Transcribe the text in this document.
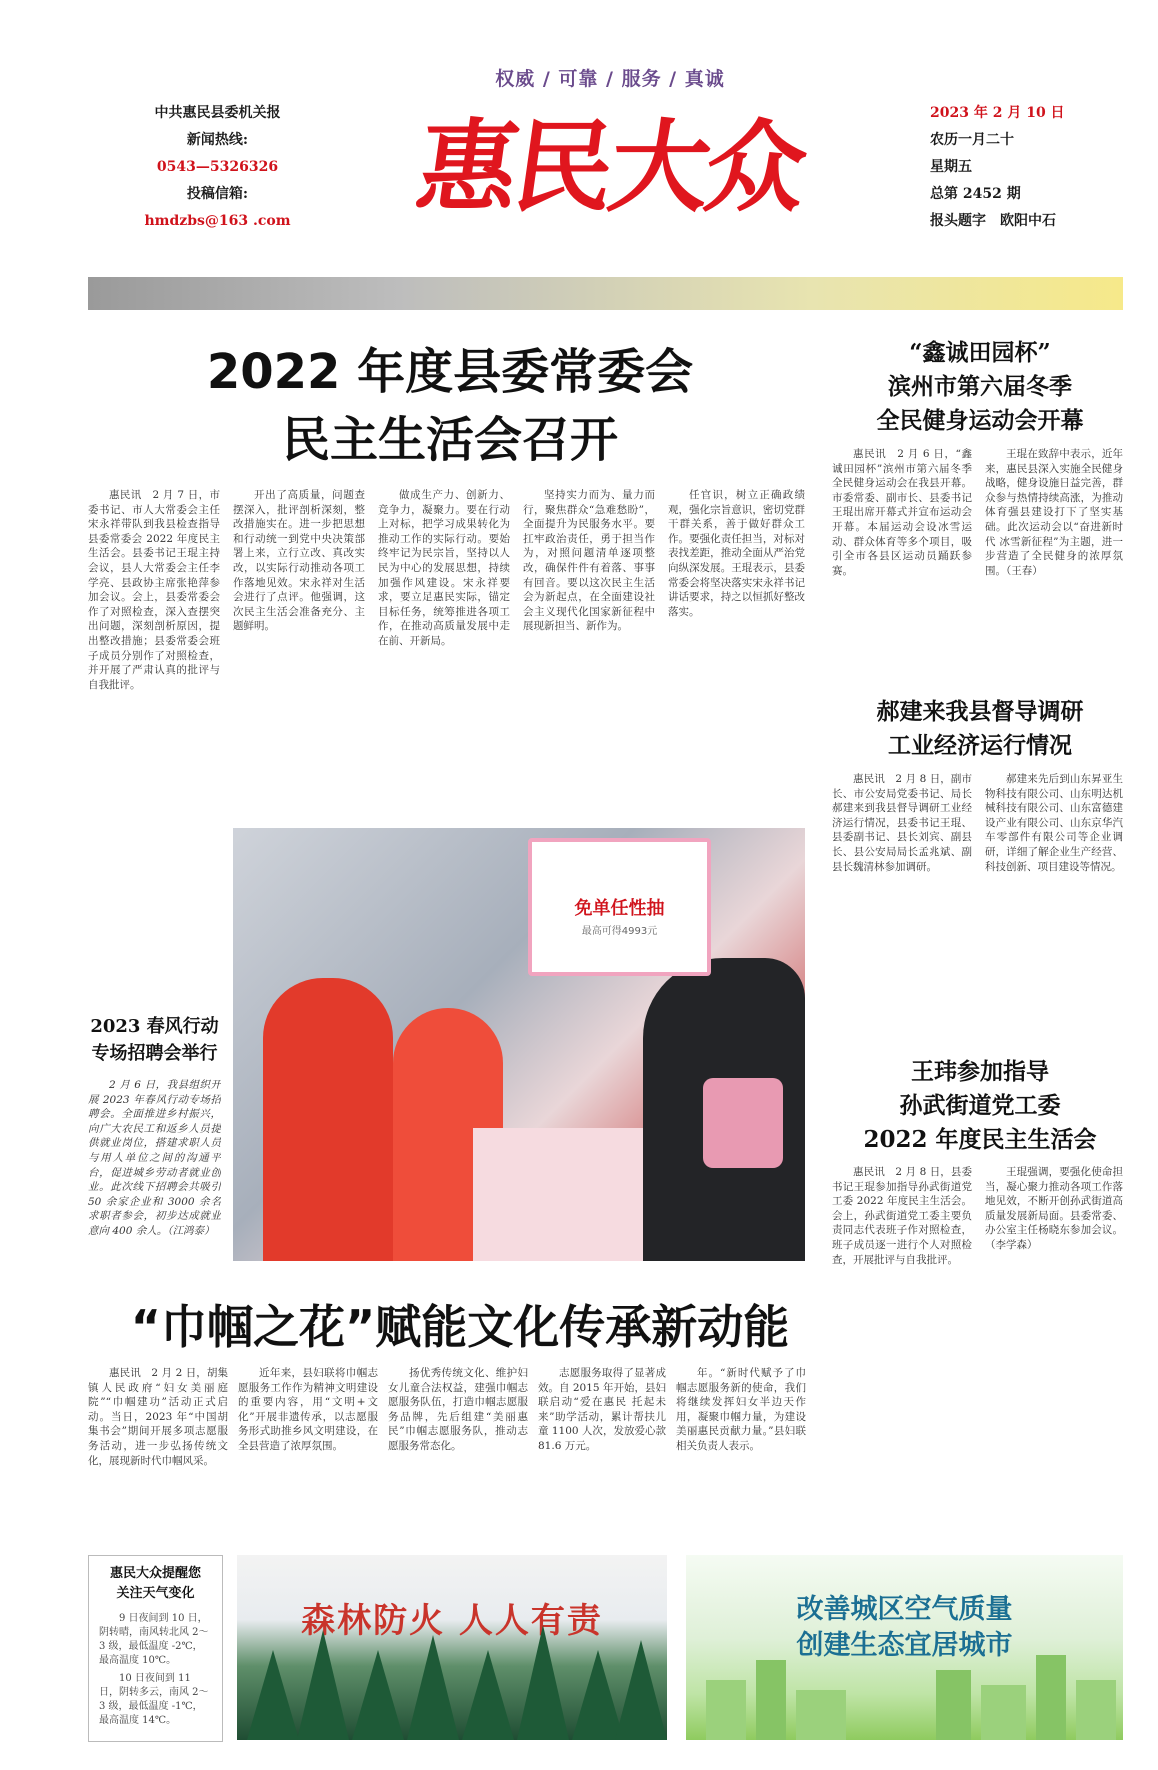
权威 / 可靠 / 服务 / 真诚
中共惠民县委机关报
新闻热线:
0543—5326326
投稿信箱:
hmdzbs@163 .com 惠民大众	2023 年 2 月 10 日
农历一月二十
星期五
总第 2452 期
报头题字　欧阳中石
2022 年度县委常委会
民主生活会召开
惠民讯　2 月 7 日，市委书记、市人大常委会主任宋永祥带队到我县检查指导县委常委会 2022 年度民主生活会。县委书记王琨主持会议，县人大常委会主任李学亮、县政协主席张艳萍参加会议。会上，县委常委会作了对照检查，深入查摆突出问题，深刻剖析原因，提出整改措施；县委常委会班子成员分别作了对照检查，并开展了严肃认真的批评与自我批评。
开出了高质量，问题查摆深入，批评剖析深刻，整改措施实在。进一步把思想和行动统一到党中央决策部署上来，立行立改、真改实改，以实际行动推动各项工作落地见效。宋永祥对生活会进行了点评。他强调，这次民主生活会准备充分、主题鲜明。
做成生产力、创新力、竞争力，凝聚力。要在行动上对标，把学习成果转化为推动工作的实际行动。要始终牢记为民宗旨，坚持以人民为中心的发展思想，持续加强作风建设。宋永祥要求，要立足惠民实际，锚定目标任务，统筹推进各项工作，在推动高质量发展中走在前、开新局。
坚持实力而为、量力而行，聚焦群众“急难愁盼”，全面提升为民服务水平。要扛牢政治责任，勇于担当作为，对照问题清单逐项整改，确保件件有着落、事事有回音。要以这次民主生活会为新起点，在全面建设社会主义现代化国家新征程中展现新担当、新作为。
任官识，树立正确政绩观，强化宗旨意识，密切党群干群关系，善于做好群众工作。要强化责任担当，对标对表找差距，推动全面从严治党向纵深发展。王琨表示，县委常委会将坚决落实宋永祥书记讲话要求，持之以恒抓好整改落实。
“鑫诚田园杯”
滨州市第六届冬季
全民健身运动会开幕
惠民讯　2 月 6 日，“鑫诚田园杯”滨州市第六届冬季全民健身运动会在我县开幕。市委常委、副市长、县委书记王琨出席开幕式并宣布运动会开幕。本届运动会设冰雪运动、群众体育等多个项目，吸引全市各县区运动员踊跃参赛。
王琨在致辞中表示，近年来，惠民县深入实施全民健身战略，健身设施日益完善，群众参与热情持续高涨，为推动体育强县建设打下了坚实基础。此次运动会以“奋进新时代 冰雪新征程”为主题，进一步营造了全民健身的浓厚氛围。（王春）
郝建来我县督导调研
工业经济运行情况
惠民讯　2 月 8 日，副市长、市公安局党委书记、局长郝建来到我县督导调研工业经济运行情况，县委书记王琨、县委副书记、县长刘宾、副县长、县公安局局长孟兆斌、副县长魏清林参加调研。
郝建来先后到山东昇亚生物科技有限公司、山东明达机械科技有限公司、山东富德建设产业有限公司、山东京华汽车零部件有限公司等企业调研，详细了解企业生产经营、科技创新、项目建设等情况。
王玮参加指导
孙武街道党工委
2022 年度民主生活会
惠民讯　2 月 8 日，县委书记王琨参加指导孙武街道党工委 2022 年度民主生活会。会上，孙武街道党工委主要负责同志代表班子作对照检查，班子成员逐一进行个人对照检查，开展批评与自我批评。
王琨强调，要强化使命担当，凝心聚力推动各项工作落地见效，不断开创孙武街道高质量发展新局面。县委常委、办公室主任杨晓东参加会议。（李学森）
2023 春风行动
专场招聘会举行
2 月 6 日，我县组织开展 2023 年春风行动专场招聘会。全面推进乡村振兴，向广大农民工和返乡人员提供就业岗位，搭建求职人员与用人单位之间的沟通平台，促进城乡劳动者就业创业。此次线下招聘会共吸引 50 余家企业和 3000 余名求职者参会，初步达成就业意向 400 余人。（江鸿泰）
免单任性抽
最高可得4993元
“巾帼之花”赋能文化传承新动能
惠民讯　2 月 2 日，胡集镇人民政府“妇女美丽庭院”“巾帼建功”活动正式启动。当日，2023 年“中国胡集书会”期间开展多项志愿服务活动，进一步弘扬传统文化，展现新时代巾帼风采。
近年来，县妇联将巾帼志愿服务工作作为精神文明建设的重要内容，用“文明+文化”开展非遗传承，以志愿服务形式助推乡风文明建设，在全县营造了浓厚氛围。
扬优秀传统文化、维护妇女儿童合法权益，建强巾帼志愿服务队伍，打造巾帼志愿服务品牌，先后组建“美丽惠民”巾帼志愿服务队，推动志愿服务常态化。
志愿服务取得了显著成效。自 2015 年开始，县妇联启动“爱在惠民 托起未来”助学活动，累计帮扶儿童 1100 人次，发放爱心款 81.6 万元。
年。“新时代赋予了巾帼志愿服务新的使命，我们将继续发挥妇女半边天作用，凝聚巾帼力量，为建设美丽惠民贡献力量。”县妇联相关负责人表示。
惠民大众提醒您
关注天气变化
9 日夜间到 10 日，阴转晴，南风转北风 2～3 级，最低温度 -2℃，最高温度 10℃。
10 日夜间到 11 日，阴转多云，南风 2～3 级，最低温度 -1℃，最高温度 14℃。
森林防火 人人有责	改善城区空气质量
创建生态宜居城市
